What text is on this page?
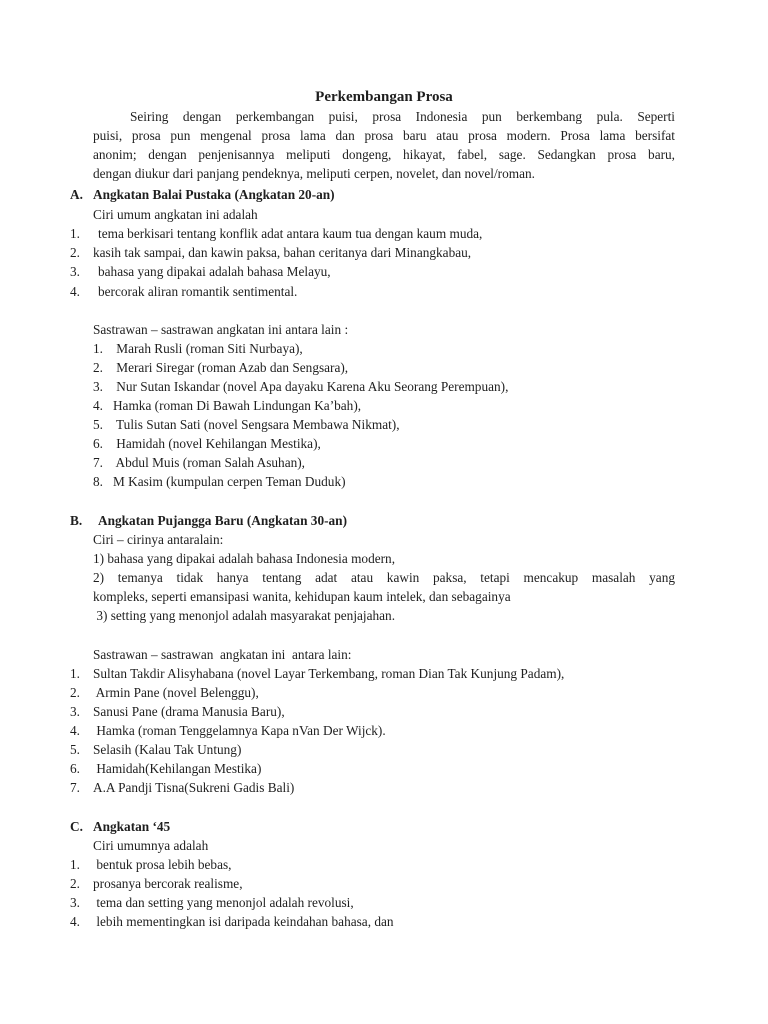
Perkembangan Prosa
Seiring dengan perkembangan puisi, prosa Indonesia pun berkembang pula. Seperti
puisi, prosa pun mengenal prosa lama dan prosa baru atau prosa modern. Prosa lama bersifat
anonim; dengan penjenisannya meliputi dongeng, hikayat, fabel, sage. Sedangkan prosa baru,
dengan diukur dari panjang pendeknya, meliputi cerpen, novelet, dan novel/roman.
A. Angkatan Balai Pustaka (Angkatan 20-an)
Ciri umum angkatan ini adalah
1. tema berkisari tentang konflik adat antara kaum tua dengan kaum muda,
2. kasih tak sampai, dan kawin paksa, bahan ceritanya dari Minangkabau,
3. bahasa yang dipakai adalah bahasa Melayu,
4. bercorak aliran romantik sentimental.
Sastrawan – sastrawan angkatan ini antara lain :
1.    Marah Rusli (roman Siti Nurbaya),
2.    Merari Siregar (roman Azab dan Sengsara),
3.    Nur Sutan Iskandar (novel Apa dayaku Karena Aku Seorang Perempuan),
4.   Hamka (roman Di Bawah Lindungan Ka’bah),
5.    Tulis Sutan Sati (novel Sengsara Membawa Nikmat),
6.    Hamidah (novel Kehilangan Mestika),
7.    Abdul Muis (roman Salah Asuhan),
8.   M Kasim (kumpulan cerpen Teman Duduk)
B. Angkatan Pujangga Baru (Angkatan 30-an)
Ciri – cirinya antaralain:
1) bahasa yang dipakai adalah bahasa Indonesia modern,
2) temanya tidak hanya tentang adat atau kawin paksa, tetapi mencakup masalah yang
kompleks, seperti emansipasi wanita, kehidupan kaum intelek, dan sebagainya
3) setting yang menonjol adalah masyarakat penjajahan.
Sastrawan – sastrawan  angkatan ini  antara lain:
1. Sultan Takdir Alisyhabana (novel Layar Terkembang, roman Dian Tak Kunjung Padam),
2. Armin Pane (novel Belenggu),
3. Sanusi Pane (drama Manusia Baru),
4. Hamka (roman Tenggelamnya Kapa nVan Der Wijck).
5. Selasih (Kalau Tak Untung)
6. Hamidah(Kehilangan Mestika)
7. A.A Pandji Tisna(Sukreni Gadis Bali)
C. Angkatan ‘45
Ciri umumnya adalah
1. bentuk prosa lebih bebas,
2. prosanya bercorak realisme,
3. tema dan setting yang menonjol adalah revolusi,
4. lebih mementingkan isi daripada keindahan bahasa, dan
